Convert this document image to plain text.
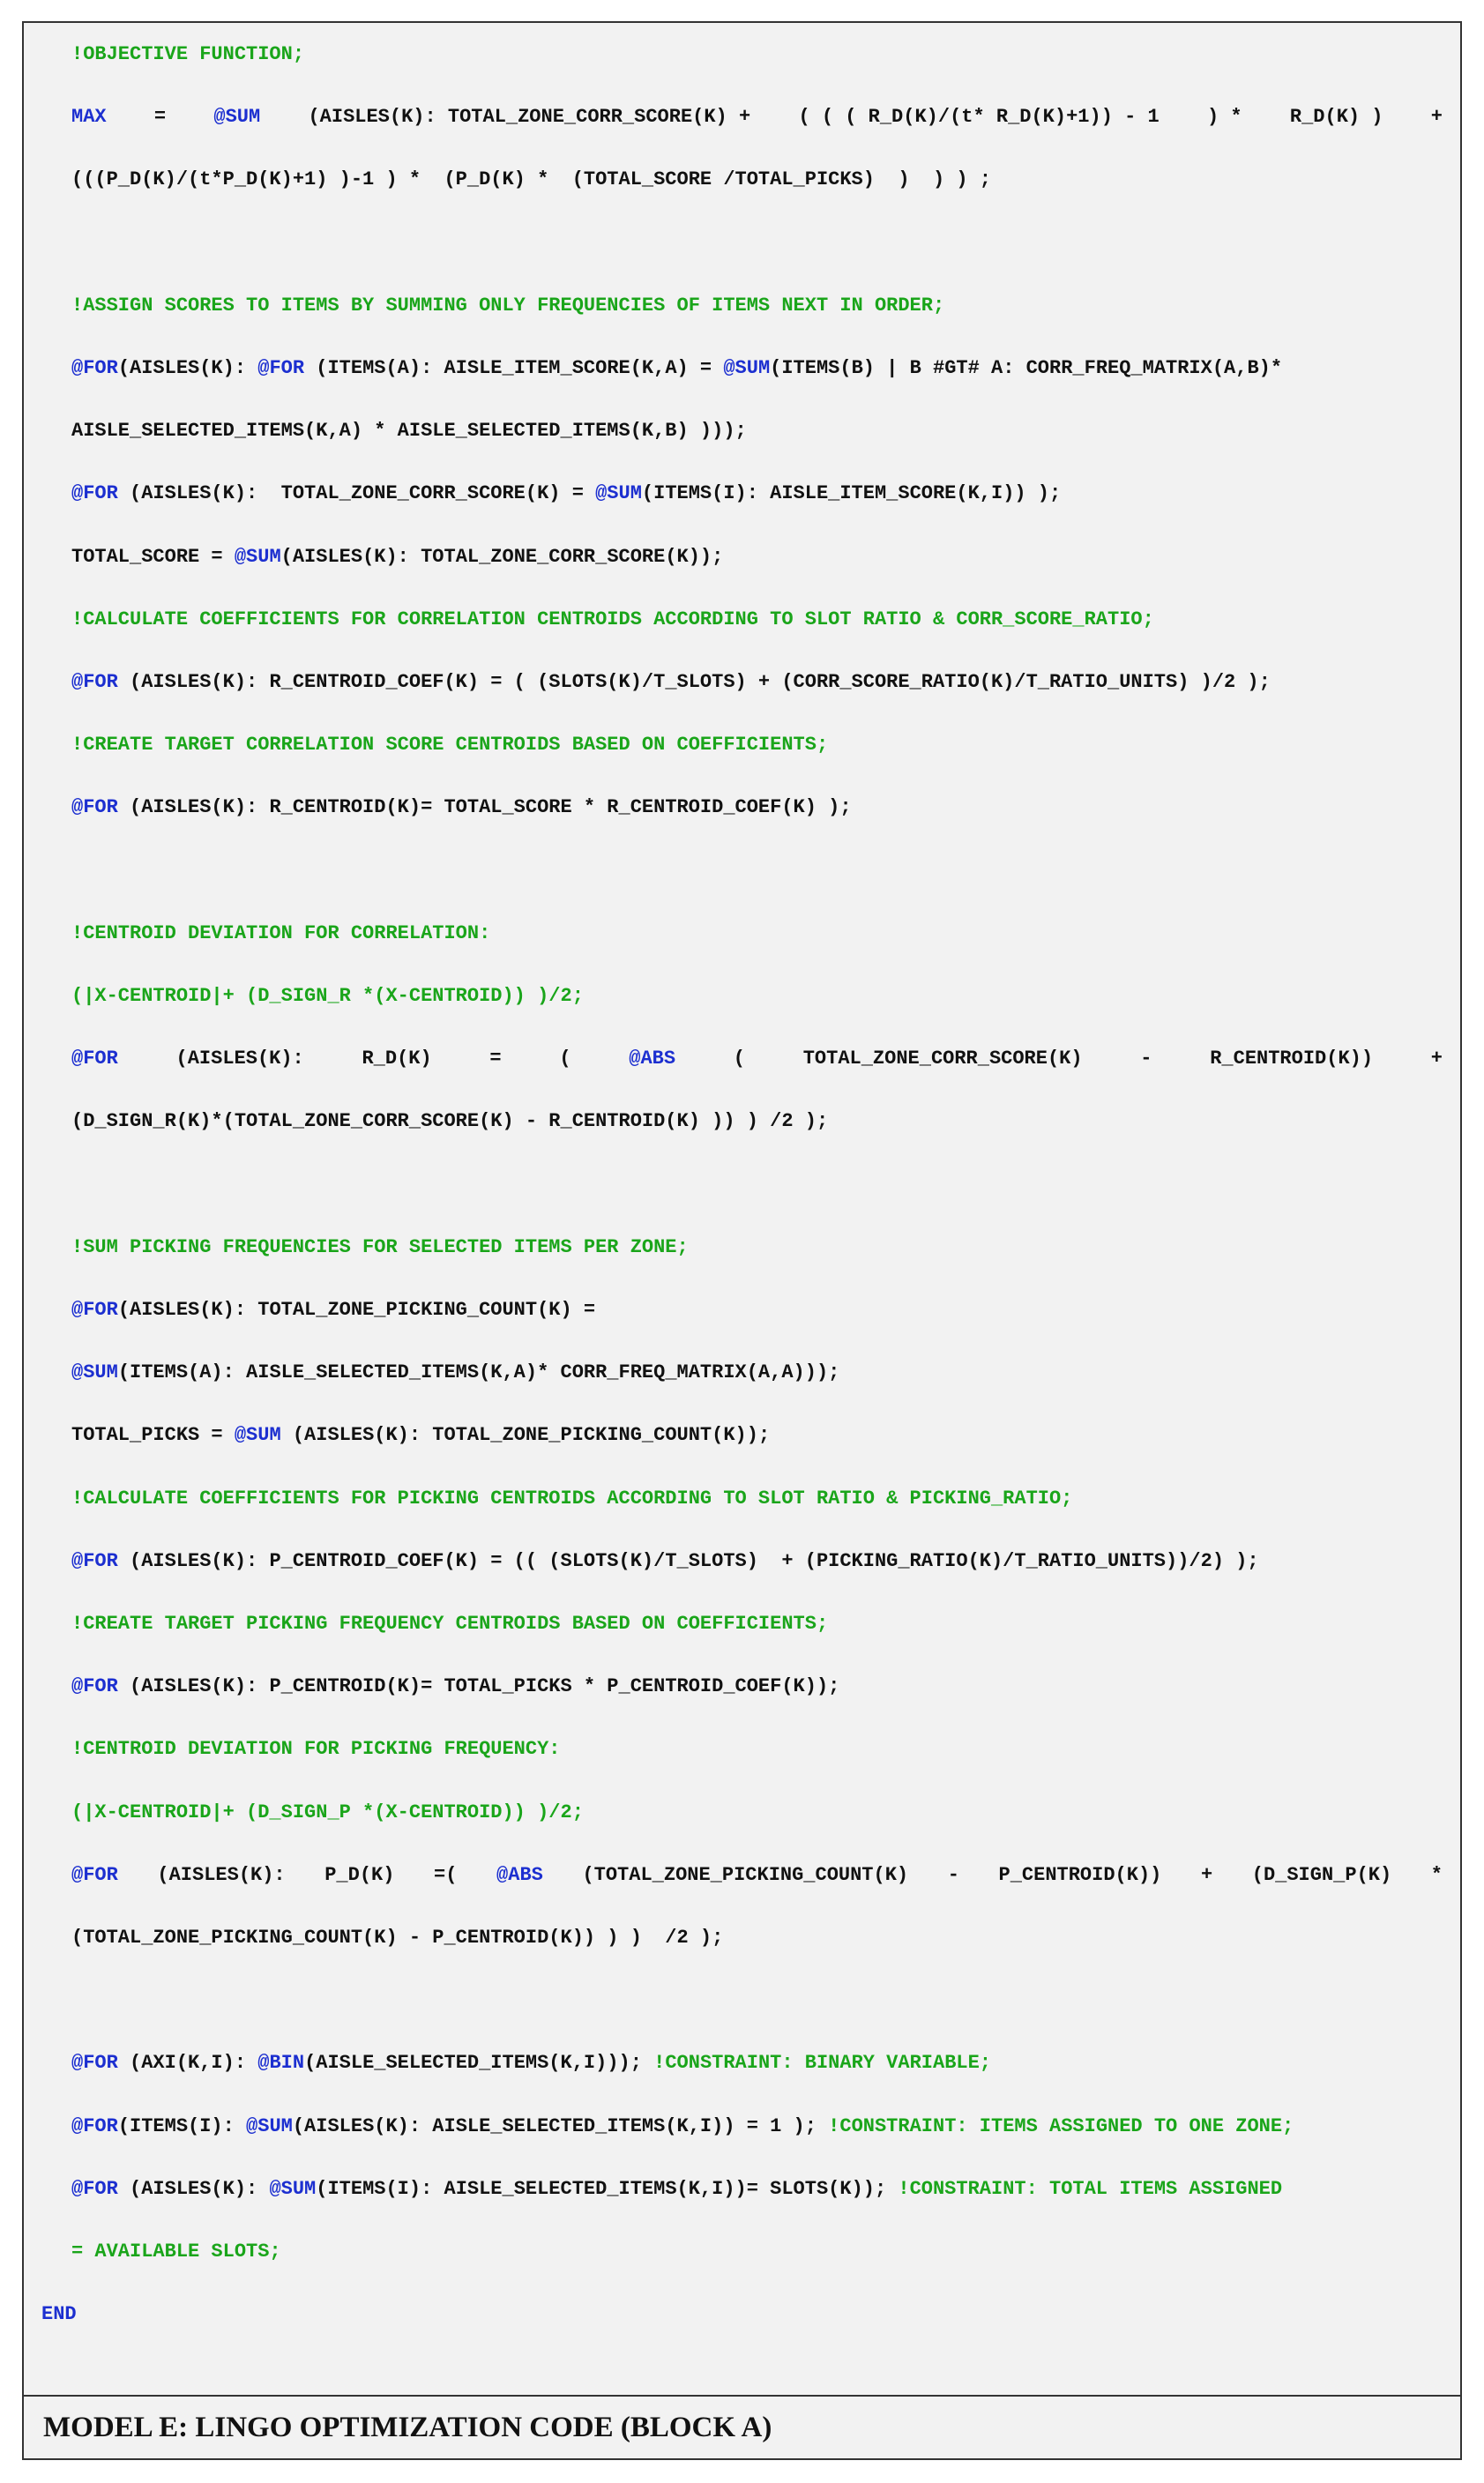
!OBJECTIVE FUNCTION;
MAX = @SUM (AISLES(K): TOTAL_ZONE_CORR_SCORE(K) + ( ( ( R_D(K)/(t* R_D(K)+1)) - 1 ) * R_D(K) ) +
(((P_D(K)/(t*P_D(K)+1) )-1 ) *  (P_D(K) *  (TOTAL_SCORE /TOTAL_PICKS)  )  ) ) ;
!ASSIGN SCORES TO ITEMS BY SUMMING ONLY FREQUENCIES OF ITEMS NEXT IN ORDER;
@FOR(AISLES(K): @FOR (ITEMS(A): AISLE_ITEM_SCORE(K,A) = @SUM(ITEMS(B) | B #GT# A: CORR_FREQ_MATRIX(A,B)*
AISLE_SELECTED_ITEMS(K,A) * AISLE_SELECTED_ITEMS(K,B) )));
@FOR (AISLES(K):  TOTAL_ZONE_CORR_SCORE(K) = @SUM(ITEMS(I): AISLE_ITEM_SCORE(K,I)) );
TOTAL_SCORE = @SUM(AISLES(K): TOTAL_ZONE_CORR_SCORE(K));
!CALCULATE COEFFICIENTS FOR CORRELATION CENTROIDS ACCORDING TO SLOT RATIO & CORR_SCORE_RATIO;
@FOR (AISLES(K): R_CENTROID_COEF(K) = ( (SLOTS(K)/T_SLOTS) + (CORR_SCORE_RATIO(K)/T_RATIO_UNITS) )/2 );
!CREATE TARGET CORRELATION SCORE CENTROIDS BASED ON COEFFICIENTS;
@FOR (AISLES(K): R_CENTROID(K)= TOTAL_SCORE * R_CENTROID_COEF(K) );
!CENTROID DEVIATION FOR CORRELATION:
(|X-CENTROID|+ (D_SIGN_R *(X-CENTROID)) )/2;
@FOR	(AISLES(K):	R_D(K)	=	(	@ABS	(	TOTAL_ZONE_CORR_SCORE(K)	-	R_CENTROID(K))	+
(D_SIGN_R(K)*(TOTAL_ZONE_CORR_SCORE(K) - R_CENTROID(K) )) ) /2 );
!SUM PICKING FREQUENCIES FOR SELECTED ITEMS PER ZONE;
@FOR(AISLES(K): TOTAL_ZONE_PICKING_COUNT(K) =
@SUM(ITEMS(A): AISLE_SELECTED_ITEMS(K,A)* CORR_FREQ_MATRIX(A,A)));
TOTAL_PICKS = @SUM (AISLES(K): TOTAL_ZONE_PICKING_COUNT(K));
!CALCULATE COEFFICIENTS FOR PICKING CENTROIDS ACCORDING TO SLOT RATIO & PICKING_RATIO;
@FOR (AISLES(K): P_CENTROID_COEF(K) = (( (SLOTS(K)/T_SLOTS)  + (PICKING_RATIO(K)/T_RATIO_UNITS))/2) );
!CREATE TARGET PICKING FREQUENCY CENTROIDS BASED ON COEFFICIENTS;
@FOR (AISLES(K): P_CENTROID(K)= TOTAL_PICKS * P_CENTROID_COEF(K));
!CENTROID DEVIATION FOR PICKING FREQUENCY:
(|X-CENTROID|+ (D_SIGN_P *(X-CENTROID)) )/2;
@FOR (AISLES(K): P_D(K) =( @ABS (TOTAL_ZONE_PICKING_COUNT(K) - P_CENTROID(K)) + (D_SIGN_P(K) *
(TOTAL_ZONE_PICKING_COUNT(K) - P_CENTROID(K)) ) )  /2 );
@FOR (AXI(K,I): @BIN(AISLE_SELECTED_ITEMS(K,I))); !CONSTRAINT: BINARY VARIABLE;
@FOR(ITEMS(I): @SUM(AISLES(K): AISLE_SELECTED_ITEMS(K,I)) = 1 ); !CONSTRAINT: ITEMS ASSIGNED TO ONE ZONE;
@FOR (AISLES(K): @SUM(ITEMS(I): AISLE_SELECTED_ITEMS(K,I))= SLOTS(K)); !CONSTRAINT: TOTAL ITEMS ASSIGNED
= AVAILABLE SLOTS;
END
MODEL E: LINGO OPTIMIZATION CODE (BLOCK A)
